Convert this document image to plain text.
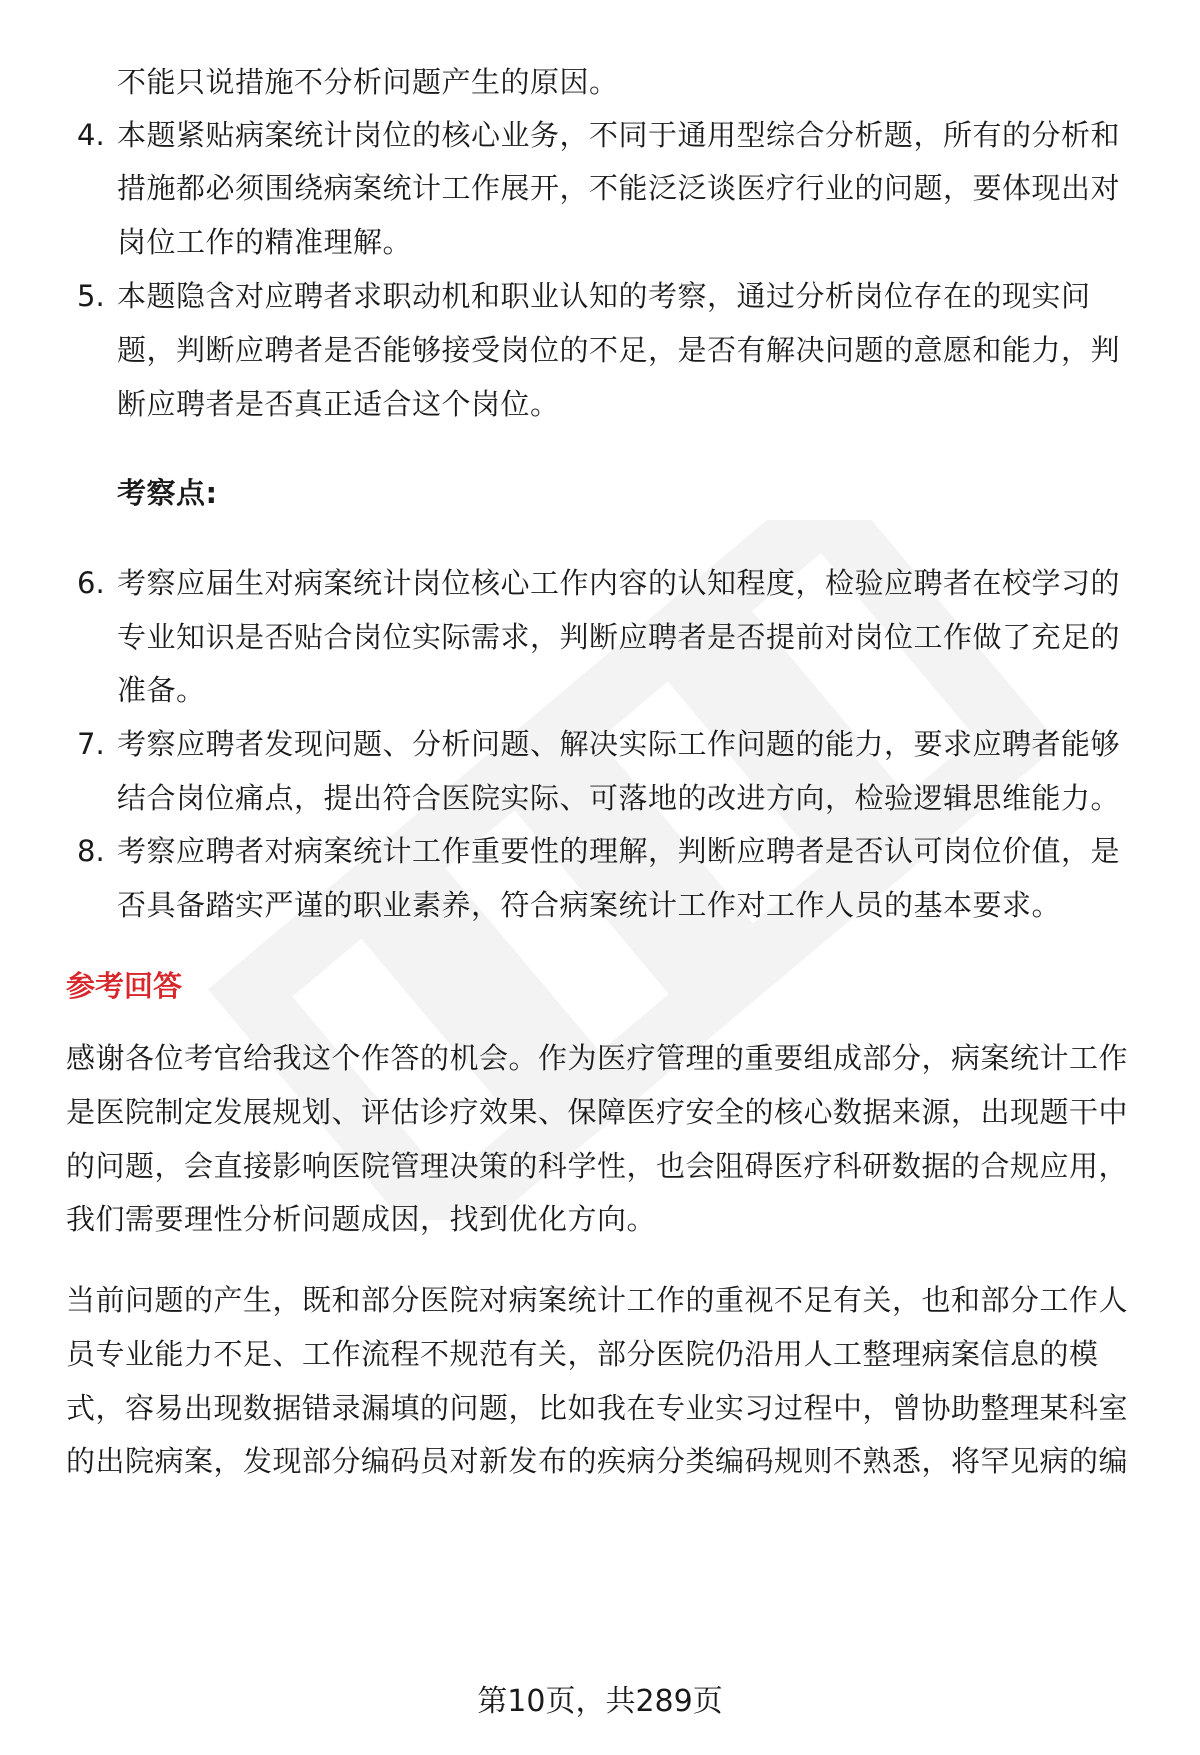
不能只说措施不分析问题产生的原因。
4. 本题紧贴病案统计岗位的核心业务，不同于通用型综合分析题，所有的分析和
措施都必须围绕病案统计工作展开，不能泛泛谈医疗行业的问题，要体现出对
岗位工作的精准理解。
5. 本题隐含对应聘者求职动机和职业认知的考察，通过分析岗位存在的现实问
题，判断应聘者是否能够接受岗位的不足，是否有解决问题的意愿和能力，判
断应聘者是否真正适合这个岗位。
考察点:
6. 考察应届生对病案统计岗位核心工作内容的认知程度，检验应聘者在校学习的
专业知识是否贴合岗位实际需求，判断应聘者是否提前对岗位工作做了充足的
准备。
7. 考察应聘者发现问题、分析问题、解决实际工作问题的能力，要求应聘者能够
结合岗位痛点，提出符合医院实际、可落地的改进方向，检验逻辑思维能力。
8. 考察应聘者对病案统计工作重要性的理解，判断应聘者是否认可岗位价值，是
否具备踏实严谨的职业素养，符合病案统计工作对工作人员的基本要求。
参考回答
感谢各位考官给我这个作答的机会。作为医疗管理的重要组成部分，病案统计工作
是医院制定发展规划、评估诊疗效果、保障医疗安全的核心数据来源，出现题干中
的问题，会直接影响医院管理决策的科学性，也会阻碍医疗科研数据的合规应用，
我们需要理性分析问题成因，找到优化方向。
当前问题的产生，既和部分医院对病案统计工作的重视不足有关，也和部分工作人
员专业能力不足、工作流程不规范有关，部分医院仍沿用人工整理病案信息的模
式，容易出现数据错录漏填的问题，比如我在专业实习过程中，曾协助整理某科室
的出院病案，发现部分编码员对新发布的疾病分类编码规则不熟悉，将罕见病的编
第10页，共289页
